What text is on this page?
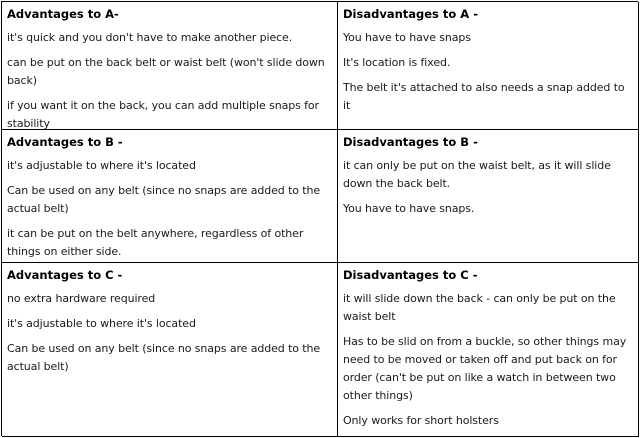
Advantages to A-

it's quick and you don't have to make another piece.

can be put on the back belt or waist belt (won't slide down back)

if you want it on the back, you can add multiple snaps for stability

Disadvantages to A -

You have to have snaps

It's location is fixed.

The belt it's attached to also needs a snap added to it

Advantages to B -

it's adjustable to where it's located

Can be used on any belt (since no snaps are added to the actual belt)

it can be put on the belt anywhere, regardless of other things on either side.

Disadvantages to B -

it can only be put on the waist belt, as it will slide down the back belt.

You have to have snaps.

Advantages to C -

no extra hardware required

it's adjustable to where it's located

Can be used on any belt (since no snaps are added to the actual belt)

Disadvantages to C -

it will slide down the back - can only be put on the waist belt

Has to be slid on from a buckle, so other things may need to be moved or taken off and put back on for order (can't be put on like a watch in between two other things)

Only works for short holsters
